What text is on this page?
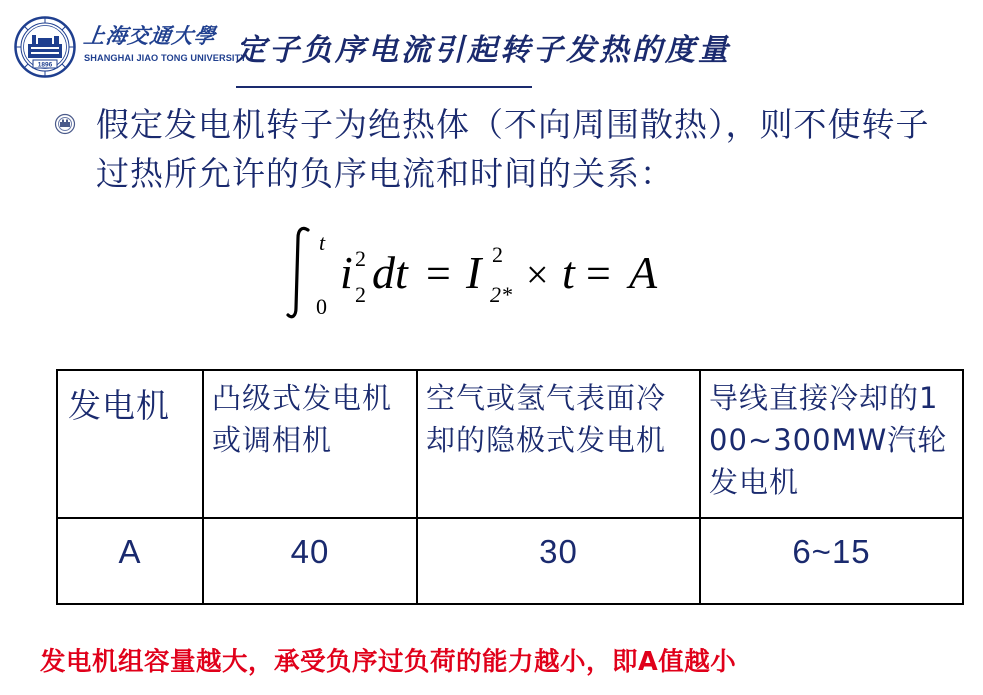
1896
上海交通大學
SHANGHAI JIAO TONG UNIVERSITY
定子负序电流引起转子发热的度量
假定发电机转子为绝热体（不向周围散热），则不使转子过热所允许的负序电流和时间的关系：
t
0
i 2
2 dt = I 2
2* × t = A
发电机	凸级式发电机或调相机	空气或氢气表面冷却的隐极式发电机	导线直接冷却的100~300MW汽轮发电机
A	40	30	6~15
发电机组容量越大，承受负序过负荷的能力越小，即A值越小
